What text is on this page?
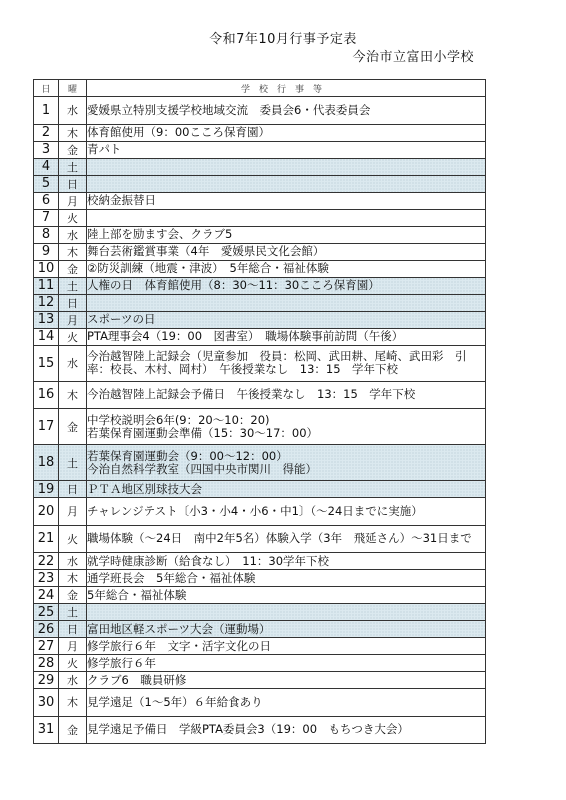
令和7年10月行事予定表
今治市立富田小学校
日	曜	学校行事等
1	水	愛媛県立特別支援学校地域交流　委員会6・代表委員会
2	木	体育館使用（9：00こころ保育園）
3	金	青パト
4	土	
5	日	
6	月	校納金振替日
7	火	
8	水	陸上部を励ます会、クラブ5
9	木	舞台芸術鑑賞事業（4年　愛媛県民文化会館）
10	金	②防災訓練（地震・津波）　5年総合・福祉体験
11	土	人権の日　体育館使用（8：30〜11：30こころ保育園）
12	日	
13	月	スポーツの日
14	火	PTA理事会4（19：00　図書室）　職場体験事前訪問（午後）
15	水	今治越智陸上記録会（児童参加　役員：松岡、武田耕、尾崎、武田彩　引率：校長、木村、岡村）　午後授業なし　13：15　学年下校
16	木	今治越智陸上記録会予備日　午後授業なし　13：15　学年下校
17	金	中学校説明会6年(9：20〜10：20)
若葉保育園運動会準備（15：30〜17：00）
18	土	若葉保育園運動会（9：00〜12：00）
今治自然科学教室（四国中央市関川　得能）
19	日	ＰＴＡ地区別球技大会
20	月	チャレンジテスト〔小3・小4・小6・中1〕（〜24日までに実施）
21	火	職場体験（〜24日　南中2年5名）体験入学（3年　飛延さん）〜31日まで
22	水	就学時健康診断（給食なし）　11：30学年下校
23	木	通学班長会　5年総合・福祉体験
24	金	5年総合・福祉体験
25	土	
26	日	富田地区軽スポーツ大会（運動場）
27	月	修学旅行６年　文字・活字文化の日
28	火	修学旅行６年
29	水	クラブ6　職員研修
30	木	見学遠足（1〜5年）６年給食あり
31	金	見学遠足予備日　学級PTA委員会3（19：00　もちつき大会）
